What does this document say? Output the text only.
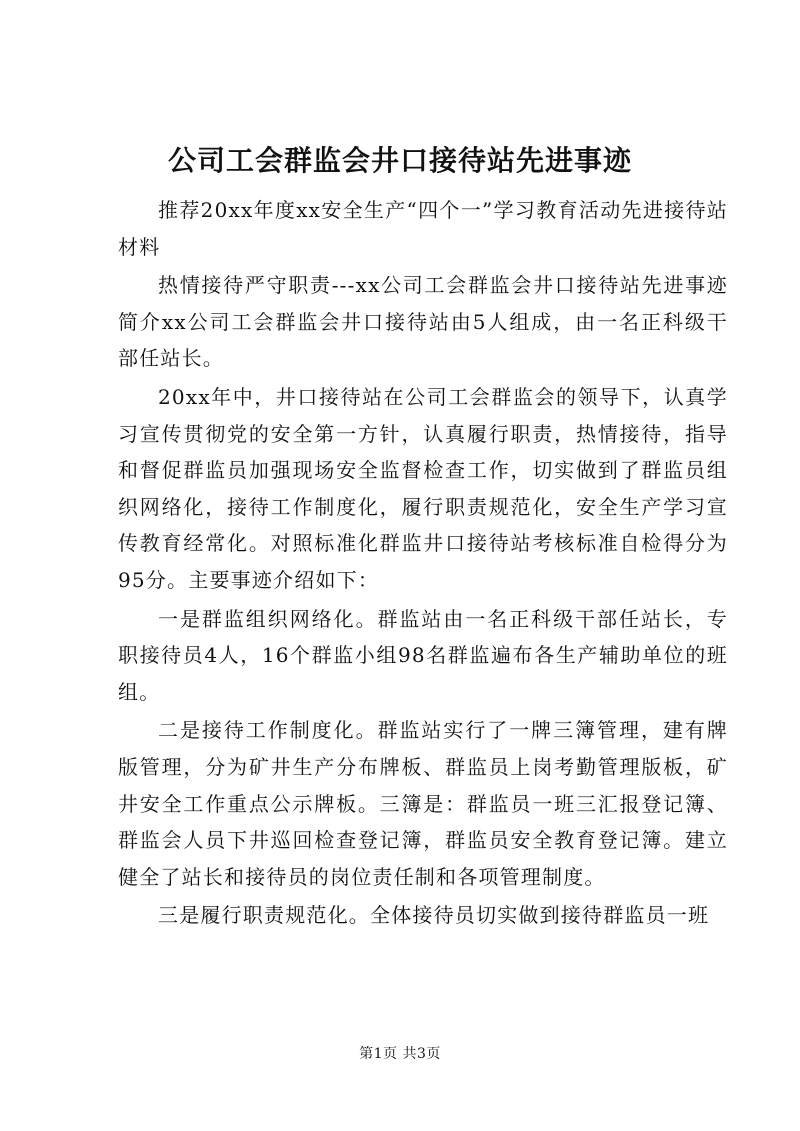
公司工会群监会井口接待站先进事迹

推荐20xx年度xx安全生产“四个一”学习教育活动先进接待站材料

热情接待严守职责---xx公司工会群监会井口接待站先进事迹简介xx公司工会群监会井口接待站由5人组成，由一名正科级干部任站长。

20xx年中，井口接待站在公司工会群监会的领导下，认真学习宣传贯彻党的安全第一方针，认真履行职责，热情接待，指导和督促群监员加强现场安全监督检查工作，切实做到了群监员组织网络化，接待工作制度化，履行职责规范化，安全生产学习宣传教育经常化。对照标准化群监井口接待站考核标准自检得分为95分。主要事迹介绍如下：

一是群监组织网络化。群监站由一名正科级干部任站长，专职接待员4人，16个群监小组98名群监遍布各生产辅助单位的班组。

二是接待工作制度化。群监站实行了一牌三簿管理，建有牌版管理，分为矿井生产分布牌板、群监员上岗考勤管理版板，矿井安全工作重点公示牌板。三簿是：群监员一班三汇报登记簿、群监会人员下井巡回检查登记簿，群监员安全教育登记簿。建立健全了站长和接待员的岗位责任制和各项管理制度。

三是履行职责规范化。全体接待员切实做到接待群监员一班

第1页 共3页
